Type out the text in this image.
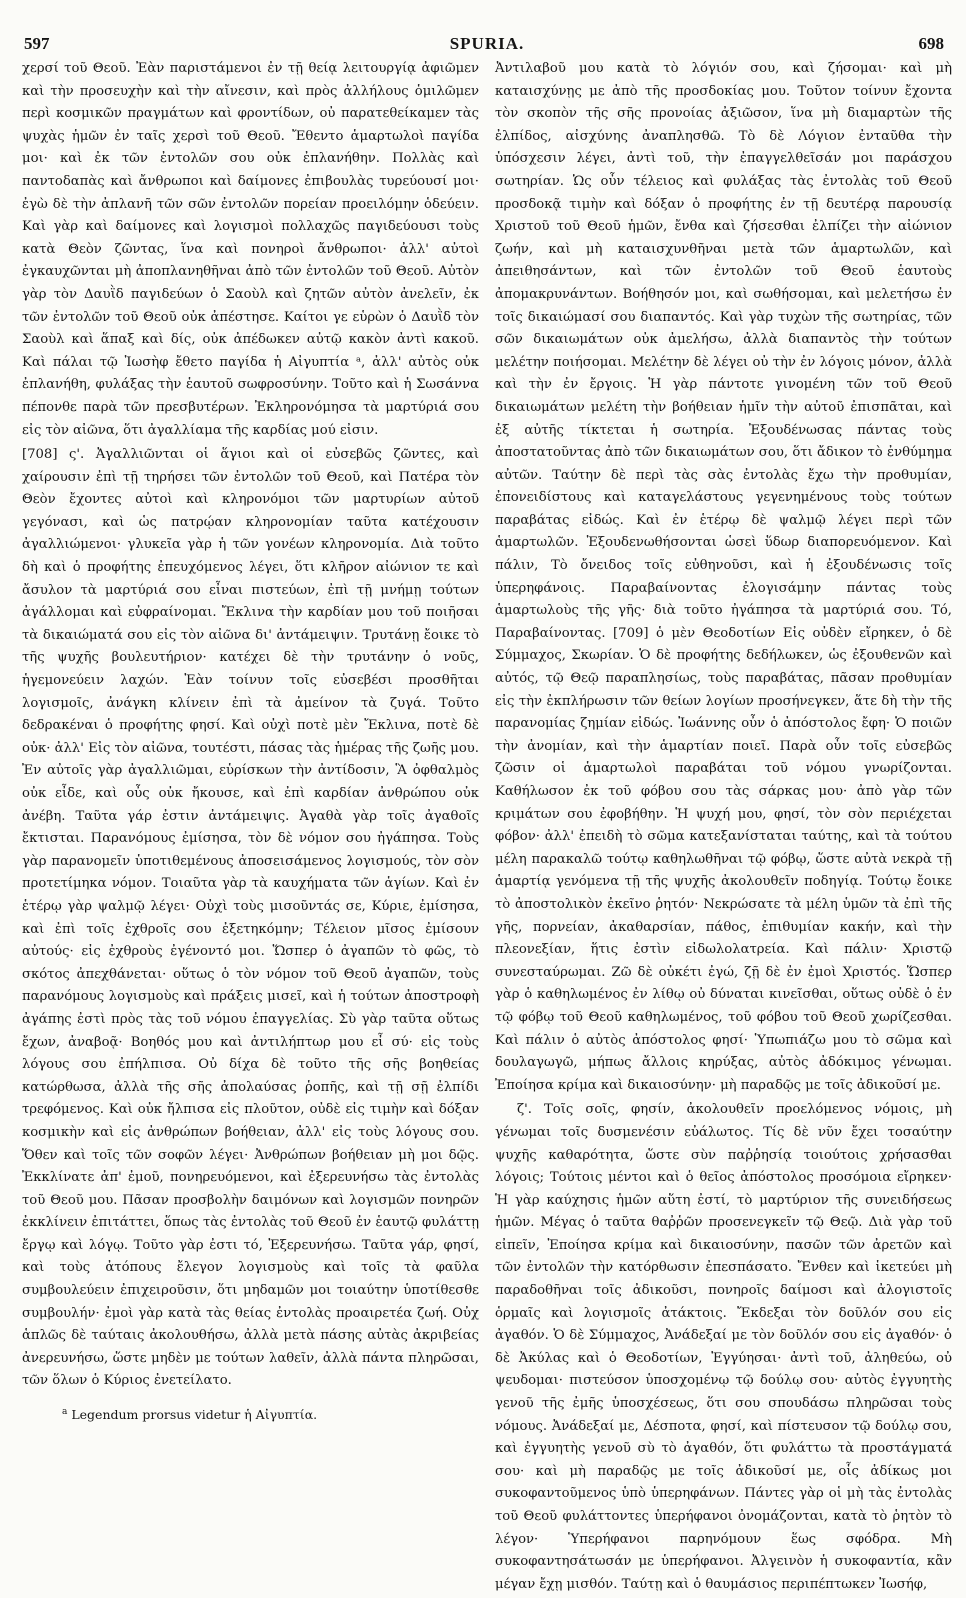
597	SPURIA.	698

χερσί τοῦ Θεοῦ. Ἐὰν παριστάμενοι ἐν τῇ θείᾳ λειτουργίᾳ ἀφιῶμεν καὶ τὴν προσευχὴν καὶ τὴν αἴνεσιν, καὶ πρὸς ἀλλήλους ὁμιλῶμεν περὶ κοσμικῶν πραγμάτων καὶ φροντίδων, οὐ παρατεθείκαμεν τὰς ψυχὰς ἡμῶν ἐν ταῖς χερσὶ τοῦ Θεοῦ. Ἔθεντο ἁμαρτωλοὶ παγίδα μοι· καὶ ἐκ τῶν ἐντολῶν σου οὐκ ἐπλανήθην. Πολλὰς καὶ παντοδαπὰς καὶ ἄνθρωποι καὶ δαίμονες ἐπιβουλὰς τυρεύουσί μοι· ἐγὼ δὲ τὴν ἀπλανῆ τῶν σῶν ἐντολῶν πορείαν προειλόμην ὁδεύειν. Καὶ γὰρ καὶ δαίμονες καὶ λογισμοὶ πολλαχῶς παγιδεύουσι τοὺς κατὰ Θεὸν ζῶντας, ἵνα καὶ πονηροὶ ἄνθρωποι· ἀλλ' αὐτοὶ ἐγκαυχῶνται μὴ ἀποπλανηθῆναι ἀπὸ τῶν ἐντολῶν τοῦ Θεοῦ. Αὐτὸν γὰρ τὸν Δαυῒδ παγιδεύων ὁ Σαοὺλ καὶ ζητῶν αὐτὸν ἀνελεῖν, ἐκ τῶν ἐντολῶν τοῦ Θεοῦ οὐκ ἀπέστησε. Καίτοι γε εὑρὼν ὁ Δαυῒδ τὸν Σαοὺλ καὶ ἅπαξ καὶ δίς, οὐκ ἀπέδωκεν αὐτῷ κακὸν ἀντὶ κακοῦ. Καὶ πάλαι τῷ Ἰωσὴφ ἔθετο παγίδα ἡ Αἰγυπτία ᵃ, ἀλλ' αὐτὸς οὐκ ἐπλανήθη, φυλάξας τὴν ἑαυτοῦ σωφροσύνην. Τοῦτο καὶ ἡ Σωσάννα πέπονθε παρὰ τῶν πρεσβυτέρων. Ἐκληρονόμησα τὰ μαρτύριά σου εἰς τὸν αἰῶνα, ὅτι ἀγαλλίαμα τῆς καρδίας μού εἰσιν.

[708] ς'. Ἀγαλλιῶνται οἱ ἅγιοι καὶ οἱ εὐσεβῶς ζῶντες, καὶ χαίρουσιν ἐπὶ τῇ τηρήσει τῶν ἐντολῶν τοῦ Θεοῦ, καὶ Πατέρα τὸν Θεὸν ἔχοντες αὐτοὶ καὶ κληρονόμοι τῶν μαρτυρίων αὐτοῦ γεγόνασι, καὶ ὡς πατρῴαν κληρονομίαν ταῦτα κατέχουσιν ἀγαλλιώμενοι· γλυκεῖα γὰρ ἡ τῶν γονέων κληρονομία. Διὰ τοῦτο δὴ καὶ ὁ προφήτης ἐπευχόμενος λέγει, ὅτι κλῆρον αἰώνιον τε καὶ ἄσυλον τὰ μαρτύριά σου εἶναι πιστεύων, ἐπὶ τῇ μνήμῃ τούτων ἀγάλλομαι καὶ εὐφραίνομαι. Ἔκλινα τὴν καρδίαν μου τοῦ ποιῆσαι τὰ δικαιώματά σου εἰς τὸν αἰῶνα δι' ἀντάμειψιν. Τρυτάνῃ ἔοικε τὸ τῆς ψυχῆς βουλευτήριον· κατέχει δὲ τὴν τρυτάνην ὁ νοῦς, ἡγεμονεύειν λαχών. Ἐὰν τοίνυν τοῖς εὐσεβέσι προσθῆται λογισμοῖς, ἀνάγκη κλίνειν ἐπὶ τὰ ἀμείνον τὰ ζυγά. Τοῦτο δεδρακέναι ὁ προφήτης φησί. Καὶ οὐχὶ ποτὲ μὲν Ἔκλινα, ποτὲ δὲ οὐκ· ἀλλ' Εἰς τὸν αἰῶνα, τουτέστι, πάσας τὰς ἡμέρας τῆς ζωῆς μου. Ἐν αὐτοῖς γὰρ ἀγαλλιῶμαι, εὑρίσκων τὴν ἀντίδοσιν, Ἃ ὀφθαλμὸς οὐκ εἶδε, καὶ οὖς οὐκ ἤκουσε, καὶ ἐπὶ καρδίαν ἀνθρώπου οὐκ ἀνέβη. Ταῦτα γάρ ἐστιν ἀντάμειψις. Ἀγαθὰ γὰρ τοῖς ἀγαθοῖς ἔκτισται. Παρανόμους ἐμίσησα, τὸν δὲ νόμον σου ἠγάπησα. Τοὺς γὰρ παρανομεῖν ὑποτιθεμένους ἀποσεισάμενος λογισμούς, τὸν σὸν προτετίμηκα νόμον. Τοιαῦτα γὰρ τὰ καυχήματα τῶν ἁγίων. Καὶ ἐν ἑτέρῳ γὰρ ψαλμῷ λέγει· Οὐχὶ τοὺς μισοῦντάς σε, Κύριε, ἐμίσησα, καὶ ἐπὶ τοῖς ἐχθροῖς σου ἐξετηκόμην; Τέλειον μῖσος ἐμίσουν αὐτούς· εἰς ἐχθροὺς ἐγένοντό μοι. Ὥσπερ ὁ ἀγαπῶν τὸ φῶς, τὸ σκότος ἀπεχθάνεται· οὕτως ὁ τὸν νόμον τοῦ Θεοῦ ἀγαπῶν, τοὺς παρανόμους λογισμοὺς καὶ πράξεις μισεῖ, καὶ ἡ τούτων ἀποστροφὴ ἀγάπης ἐστὶ πρὸς τὰς τοῦ νόμου ἐπαγγελίας. Σὺ γὰρ ταῦτα οὕτως ἔχων, ἀναβοᾷ· Βοηθός μου καὶ ἀντιλήπτωρ μου εἶ σύ· εἰς τοὺς λόγους σου ἐπήλπισα. Οὐ δίχα δὲ τοῦτο τῆς σῆς βοηθείας κατώρθωσα, ἀλλὰ τῆς σῆς ἀπολαύσας ῥοπῆς, καὶ τῇ σῇ ἐλπίδι τρεφόμενος. Καὶ οὐκ ἤλπισα εἰς πλοῦτον, οὐδὲ εἰς τιμὴν καὶ δόξαν κοσμικὴν καὶ εἰς ἀνθρώπων βοήθειαν, ἀλλ' εἰς τοὺς λόγους σου. Ὅθεν καὶ τοῖς τῶν σοφῶν λέγει· Ἀνθρώπων βοήθειαν μὴ μοι δῷς. Ἐκκλίνατε ἀπ' ἐμοῦ, πονηρευόμενοι, καὶ ἐξερευνήσω τὰς ἐντολὰς τοῦ Θεοῦ μου. Πᾶσαν προσβολὴν δαιμόνων καὶ λογισμῶν πονηρῶν ἐκκλίνειν ἐπιτάττει, ὅπως τὰς ἐντολὰς τοῦ Θεοῦ ἐν ἑαυτῷ φυλάττῃ ἔργῳ καὶ λόγῳ. Τοῦτο γὰρ ἐστι τό, Ἐξερευνήσω. Ταῦτα γάρ, φησί, καὶ τοὺς ἀτόπους ἔλεγον λογισμοὺς καὶ τοῖς τὰ φαῦλα συμβουλεύειν ἐπιχειροῦσιν, ὅτι μηδαμῶν μοι τοιαύτην ὑποτίθεσθε συμβουλήν· ἐμοὶ γὰρ κατὰ τὰς θείας ἐντολὰς προαιρετέα ζωή. Οὐχ ἁπλῶς δὲ ταύταις ἀκολουθήσω, ἀλλὰ μετὰ πάσης αὐτὰς ἀκριβείας ἀνερευνήσω, ὥστε μηδὲν με τούτων λαθεῖν, ἀλλὰ πάντα πληρῶσαι, τῶν ὅλων ὁ Κύριος ἐνετείλατο.

$^a$ Legendum prorsus videtur ἡ Αἰγυπτία.

Ἀντιλαβοῦ μου κατὰ τὸ λόγιόν σου, καὶ ζήσομαι· καὶ μὴ καταισχύνῃς με ἀπὸ τῆς προσδοκίας μου. Τοῦτον τοίνυν ἔχοντα τὸν σκοπὸν τῆς σῆς προνοίας ἀξιῶσον, ἵνα μὴ διαμαρτὼν τῆς ἐλπίδος, αἰσχύνης ἀναπλησθῶ. Τὸ δὲ Λόγιον ἐνταῦθα τὴν ὑπόσχεσιν λέγει, ἀντὶ τοῦ, τὴν ἐπαγγελθεῖσάν μοι παράσχου σωτηρίαν. Ὡς οὖν τέλειος καὶ φυλάξας τὰς ἐντολὰς τοῦ Θεοῦ προσδοκᾷ τιμὴν καὶ δόξαν ὁ προφήτης ἐν τῇ δευτέρᾳ παρουσίᾳ Χριστοῦ τοῦ Θεοῦ ἡμῶν, ἔνθα καὶ ζήσεσθαι ἐλπίζει τὴν αἰώνιον ζωήν, καὶ μὴ καταισχυνθῆναι μετὰ τῶν ἁμαρτωλῶν, καὶ ἀπειθησάντων, καὶ τῶν ἐντολῶν τοῦ Θεοῦ ἑαυτοὺς ἀπομακρυνάντων. Βοήθησόν μοι, καὶ σωθήσομαι, καὶ μελετήσω ἐν τοῖς δικαιώμασί σου διαπαντός. Καὶ γὰρ τυχὼν τῆς σωτηρίας, τῶν σῶν δικαιωμάτων οὐκ ἀμελήσω, ἀλλὰ διαπαντὸς τὴν τούτων μελέτην ποιήσομαι. Μελέτην δὲ λέγει οὐ τὴν ἐν λόγοις μόνον, ἀλλὰ καὶ τὴν ἐν ἔργοις. Ἡ γὰρ πάντοτε γινομένη τῶν τοῦ Θεοῦ δικαιωμάτων μελέτη τὴν βοήθειαν ἡμῖν τὴν αὐτοῦ ἐπισπᾶται, καὶ ἐξ αὐτῆς τίκτεται ἡ σωτηρία. Ἐξουδένωσας πάντας τοὺς ἀποστατοῦντας ἀπὸ τῶν δικαιωμάτων σου, ὅτι ἄδικον τὸ ἐνθύμημα αὐτῶν. Ταύτην δὲ περὶ τὰς σὰς ἐντολὰς ἔχω τὴν προθυμίαν, ἐπονειδίστους καὶ καταγελάστους γεγενημένους τοὺς τούτων παραβάτας εἰδώς. Καὶ ἐν ἑτέρῳ δὲ ψαλμῷ λέγει περὶ τῶν ἁμαρτωλῶν. Ἐξουδενωθήσονται ὡσεὶ ὕδωρ διαπορευόμενον. Καὶ πάλιν, Τὸ ὄνειδος τοῖς εὐθηνοῦσι, καὶ ἡ ἐξουδένωσις τοῖς ὑπερηφάνοις. Παραβαίνοντας ἐλογισάμην πάντας τοὺς ἁμαρτωλοὺς τῆς γῆς· διὰ τοῦτο ἠγάπησα τὰ μαρτύριά σου. Τό, Παραβαίνοντας. [709] ὁ μὲν Θεοδοτίων Εἰς οὐδὲν εἴρηκεν, ὁ δὲ Σύμμαχος, Σκωρίαν. Ὁ δὲ προφήτης δεδήλωκεν, ὡς ἐξουθενῶν καὶ αὐτός, τῷ Θεῷ παραπλησίως, τοὺς παραβάτας, πᾶσαν προθυμίαν εἰς τὴν ἐκπλήρωσιν τῶν θείων λογίων προσήνεγκεν, ἅτε δὴ τὴν τῆς παρανομίας ζημίαν εἰδώς. Ἰωάννης οὖν ὁ ἀπόστολος ἔφη· Ὁ ποιῶν τὴν ἀνομίαν, καὶ τὴν ἁμαρτίαν ποιεῖ. Παρὰ οὖν τοῖς εὐσεβῶς ζῶσιν οἱ ἁμαρτωλοὶ παραβάται τοῦ νόμου γνωρίζονται. Καθήλωσον ἐκ τοῦ φόβου σου τὰς σάρκας μου· ἀπὸ γὰρ τῶν κριμάτων σου ἐφοβήθην. Ἡ ψυχή μου, φησί, τὸν σὸν περιέχεται φόβον· ἀλλ' ἐπειδὴ τὸ σῶμα κατεξανίσταται ταύτης, καὶ τὰ τούτου μέλη παρακαλῶ τούτῳ καθηλωθῆναι τῷ φόβῳ, ὥστε αὐτὰ νεκρὰ τῇ ἁμαρτίᾳ γενόμενα τῇ τῆς ψυχῆς ἀκολουθεῖν ποδηγίᾳ. Τούτῳ ἔοικε τὸ ἀποστολικὸν ἐκεῖνο ῥητόν· Νεκρώσατε τὰ μέλη ὑμῶν τὰ ἐπὶ τῆς γῆς, πορνείαν, ἀκαθαρσίαν, πάθος, ἐπιθυμίαν κακήν, καὶ τὴν πλεονεξίαν, ἥτις ἐστὶν εἰδωλολατρεία. Καὶ πάλιν· Χριστῷ συνεσταύρωμαι. Ζῶ δὲ οὐκέτι ἐγώ, ζῇ δὲ ἐν ἐμοὶ Χριστός. Ὥσπερ γὰρ ὁ καθηλωμένος ἐν λίθῳ οὐ δύναται κινεῖσθαι, οὕτως οὐδὲ ὁ ἐν τῷ φόβῳ τοῦ Θεοῦ καθηλωμένος, τοῦ φόβου τοῦ Θεοῦ χωρίζεσθαι. Καὶ πάλιν ὁ αὐτὸς ἀπόστολος φησί· Ὑπωπιάζω μου τὸ σῶμα καὶ δουλαγωγῶ, μήπως ἄλλοις κηρύξας, αὐτὸς ἀδόκιμος γένωμαι. Ἐποίησα κρίμα καὶ δικαιοσύνην· μὴ παραδῷς με τοῖς ἀδικοῦσί με.

ζ'. Τοῖς σοῖς, φησίν, ἀκολουθεῖν προελόμενος νόμοις, μὴ γένωμαι τοῖς δυσμενέσιν εὐάλωτος. Τίς δὲ νῦν ἔχει τοσαύτην ψυχῆς καθαρότητα, ὥστε σὺν παῤῥησίᾳ τοιούτοις χρήσασθαι λόγοις; Τούτοις μέντοι καὶ ὁ θεῖος ἀπόστολος προσόμοια εἴρηκεν· Ἡ γὰρ καύχησις ἡμῶν αὕτη ἐστί, τὸ μαρτύριον τῆς συνειδήσεως ἡμῶν. Μέγας ὁ ταῦτα θαῤῥῶν προσενεγκεῖν τῷ Θεῷ. Διὰ γὰρ τοῦ εἰπεῖν, Ἐποίησα κρίμα καὶ δικαιοσύνην, πασῶν τῶν ἀρετῶν καὶ τῶν ἐντολῶν τὴν κατόρθωσιν ἐπεσπάσατο. Ἔνθεν καὶ ἱκετεύει μὴ παραδοθῆναι τοῖς ἀδικοῦσι, πονηροῖς δαίμοσι καὶ ἀλογιστοῖς ὁρμαῖς καὶ λογισμοῖς ἀτάκτοις. Ἔκδεξαι τὸν δοῦλόν σου εἰς ἀγαθόν. Ὁ δὲ Σύμμαχος, Ἀνάδεξαί με τὸν δοῦλόν σου εἰς ἀγαθόν· ὁ δὲ Ἀκύλας καὶ ὁ Θεοδοτίων, Ἐγγύησαι· ἀντὶ τοῦ, ἀληθεύω, οὐ ψευδομαι· πιστεύσον ὑποσχομένῳ τῷ δούλῳ σου· αὐτὸς ἐγγυητὴς γενοῦ τῆς ἐμῆς ὑποσχέσεως, ὅτι σου σπουδάσω πληρῶσαι τοὺς νόμους. Ἀνάδεξαί με, Δέσποτα, φησί, καὶ πίστευσον τῷ δούλῳ σου, καὶ ἐγγυητὴς γενοῦ σὺ τὸ ἀγαθόν, ὅτι φυλάττω τὰ προστάγματά σου· καὶ μὴ παραδῷς με τοῖς ἀδικοῦσί με, οἷς ἀδίκως μοι συκοφαντοῦμενος ὑπὸ ὑπερηφάνων. Πάντες γὰρ οἱ μὴ τὰς ἐντολὰς τοῦ Θεοῦ φυλάττοντες ὑπερήφανοι ὀνομάζονται, κατὰ τὸ ῥητὸν τὸ λέγον· Ὑπερήφανοι παρηνόμουν ἕως σφόδρα. Μὴ συκοφαντησάτωσάν με ὑπερήφανοι. Ἀλγεινὸν ἡ συκοφαντία, κἂν μέγαν ἔχῃ μισθόν. Ταύτῃ καὶ ὁ θαυμάσιος περιπέπτωκεν Ἰωσήφ,
